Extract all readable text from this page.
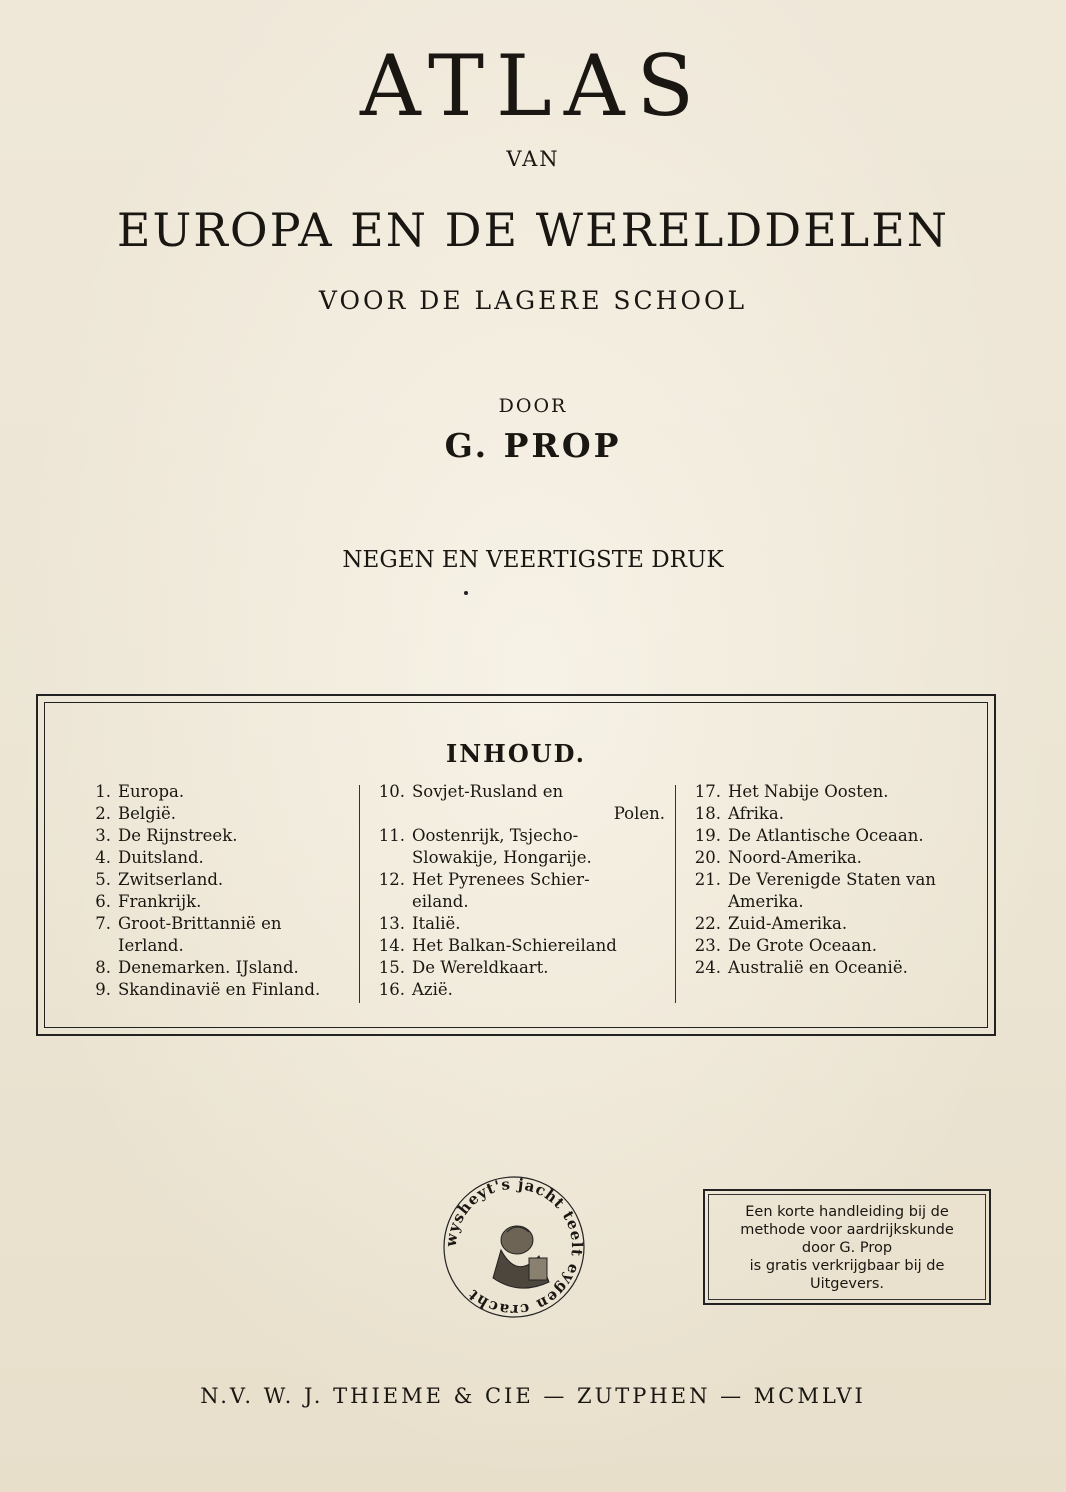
ATLAS
VAN
EUROPA EN DE WERELDDELEN
VOOR DE LAGERE SCHOOL
DOOR
G. PROP
NEGEN EN VEERTIGSTE DRUK
INHOUD.
1. Europa.
2. België.
3. De Rijnstreek.
4. Duitsland.
5. Zwitserland.
6. Frankrijk.
7. Groot-Brittannië en
Ierland.
8. Denemarken. IJsland.
9. Skandinavië en Finland.
10. Sovjet-Rusland en
Polen.
11. Oostenrijk, Tsjecho-
Slowakije, Hongarije.
12. Het Pyrenees Schier-
eiland.
13. Italië.
14. Het Balkan-Schiereiland
15. De Wereldkaart.
16. Azië.
17. Het Nabije Oosten.
18. Afrika.
19. De Atlantische Oceaan.
20. Noord-Amerika.
21. De Verenigde Staten van
Amerika.
22. Zuid-Amerika.
23. De Grote Oceaan.
24. Australië en Oceanië.
wysheyt's jacht teelt eygen cracht
Een korte handleiding bij de
methode voor aardrijkskunde
door G. Prop
is gratis verkrijgbaar bij de
Uitgevers.
N.V. W. J. THIEME & CIE — ZUTPHEN — MCMLVI
